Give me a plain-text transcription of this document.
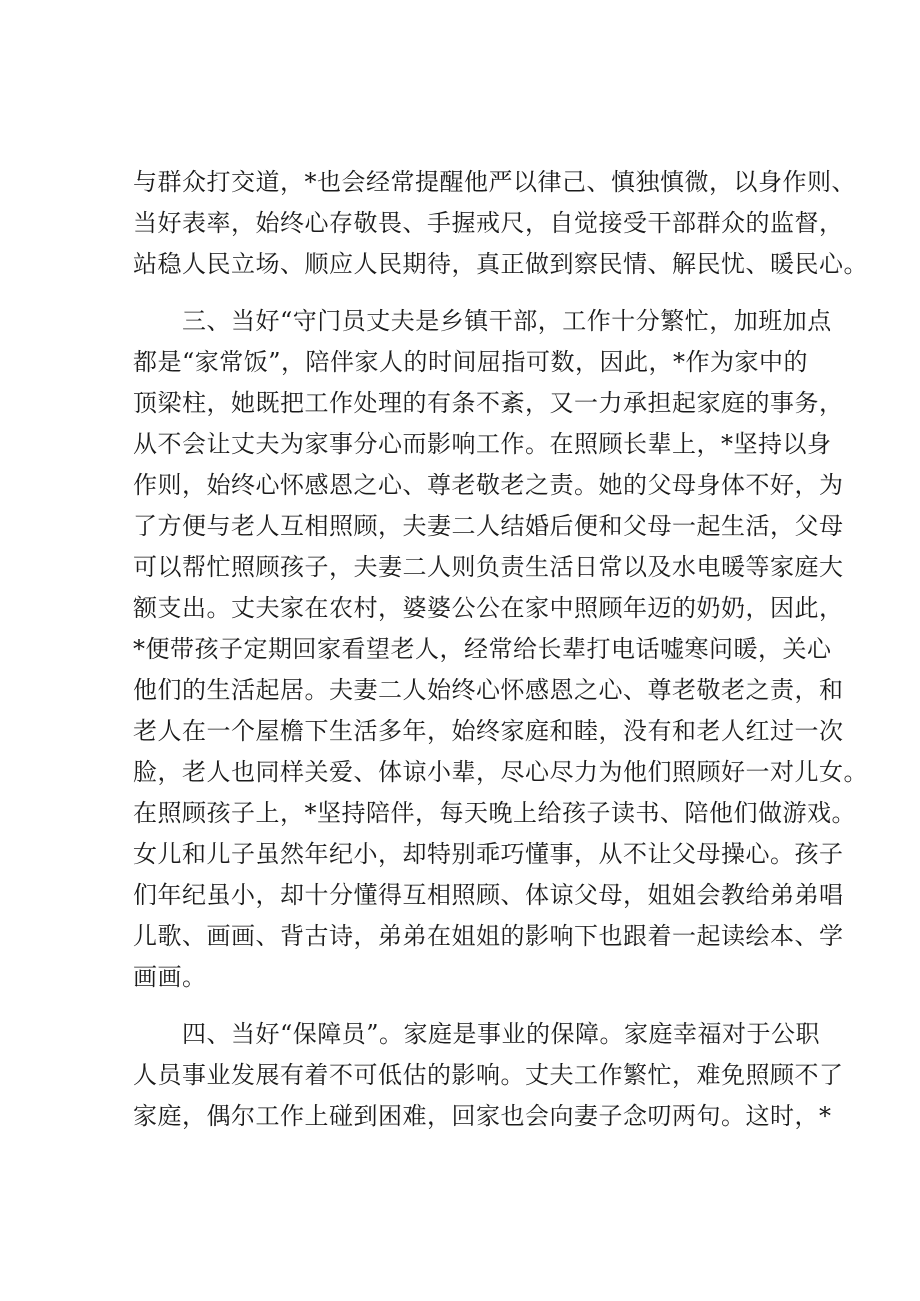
与群众打交道，*也会经常提醒他严以律己、慎独慎微，以身作则、
当好表率，始终心存敬畏、手握戒尺，自觉接受干部群众的监督，
站稳人民立场、顺应人民期待，真正做到察民情、解民忧、暖民心。
　　三、当好“守门员丈夫是乡镇干部，工作十分繁忙，加班加点
都是“家常饭”，陪伴家人的时间屈指可数，因此，*作为家中的
顶梁柱，她既把工作处理的有条不紊，又一力承担起家庭的事务，
从不会让丈夫为家事分心而影响工作。在照顾长辈上，*坚持以身
作则，始终心怀感恩之心、尊老敬老之责。她的父母身体不好，为
了方便与老人互相照顾，夫妻二人结婚后便和父母一起生活，父母
可以帮忙照顾孩子，夫妻二人则负责生活日常以及水电暖等家庭大
额支出。丈夫家在农村，婆婆公公在家中照顾年迈的奶奶，因此，
*便带孩子定期回家看望老人，经常给长辈打电话嘘寒问暖，关心
他们的生活起居。夫妻二人始终心怀感恩之心、尊老敬老之责，和
老人在一个屋檐下生活多年，始终家庭和睦，没有和老人红过一次
脸，老人也同样关爱、体谅小辈，尽心尽力为他们照顾好一对儿女。
在照顾孩子上，*坚持陪伴，每天晚上给孩子读书、陪他们做游戏。
女儿和儿子虽然年纪小，却特别乖巧懂事，从不让父母操心。孩子
们年纪虽小，却十分懂得互相照顾、体谅父母，姐姐会教给弟弟唱
儿歌、画画、背古诗，弟弟在姐姐的影响下也跟着一起读绘本、学
画画。
　　四、当好“保障员”。家庭是事业的保障。家庭幸福对于公职
人员事业发展有着不可低估的影响。丈夫工作繁忙，难免照顾不了
家庭，偶尔工作上碰到困难，回家也会向妻子念叨两句。这时，*
